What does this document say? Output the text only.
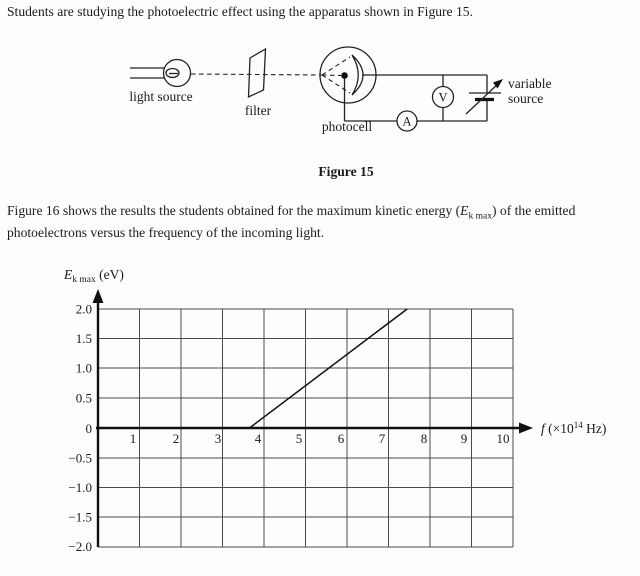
Students are studying the photoelectric effect using the apparatus shown in Figure 15.
light source
filter
photocell A
V
variable
source
Figure 15
Figure 16 shows the results the students obtained for the maximum kinetic energy $(E_{k max})$ of the emitted
photoelectrons versus the frequency of the incoming light.
$E_{k max}$ (eV)
f ($\times 10^{14}$ Hz)
2.0
1.5
1.0
0.5
0
−0.5
−1.0
−1.5
−2.0
1	2	3	4	5	6	7	8	9 10
